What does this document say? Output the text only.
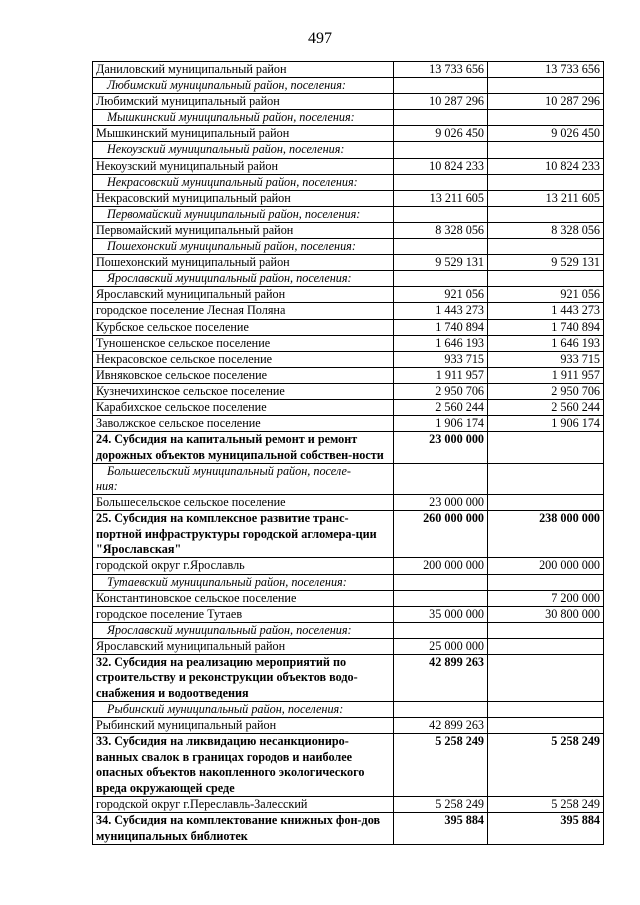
497
Даниловский муниципальный район	13 733 656	13 733 656
Любимский муниципальный район, поселения:		
Любимский муниципальный район	10 287 296	10 287 296
Мышкинский муниципальный район, поселения:		
Мышкинский муниципальный район	9 026 450	9 026 450
Некоузский муниципальный район, поселения:		
Некоузский муниципальный район	10 824 233	10 824 233
Некрасовский муниципальный район, поселения:		
Некрасовский муниципальный район	13 211 605	13 211 605
Первомайский муниципальный район, поселения:		
Первомайский муниципальный район	8 328 056	8 328 056
Пошехонский муниципальный район, поселения:		
Пошехонский муниципальный район	9 529 131	9 529 131
Ярославский муниципальный район, поселения:		
Ярославский муниципальный район	921 056	921 056
городское поселение Лесная Поляна	1 443 273	1 443 273
Курбское сельское поселение	1 740 894	1 740 894
Туношенское сельское поселение	1 646 193	1 646 193
Некрасовское сельское поселение	933 715	933 715
Ивняковское сельское поселение	1 911 957	1 911 957
Кузнечихинское сельское поселение	2 950 706	2 950 706
Карабихское сельское поселение	2 560 244	2 560 244
Заволжское сельское поселение	1 906 174	1 906 174
24. Субсидия на капитальный ремонт и ремонт дорожных объектов муниципальной собствен-ности	23 000 000	
Большесельский муниципальный район, поселе-
ния:		
Большесельское сельское поселение	23 000 000	
25. Субсидия на комплексное развитие транс-портной инфраструктуры городской агломера-ции "Ярославская"	260 000 000	238 000 000
городской округ г.Ярославль	200 000 000	200 000 000
Тутаевский муниципальный район, поселения:		
Константиновское сельское поселение		7 200 000
городское поселение Тутаев	35 000 000	30 800 000
Ярославский муниципальный район, поселения:		
Ярославский муниципальный район	25 000 000	
32. Субсидия на реализацию мероприятий по строительству и реконструкции объектов водо-снабжения и водоотведения	42 899 263	
Рыбинский муниципальный район, поселения:		
Рыбинский муниципальный район	42 899 263	
33. Субсидия на ликвидацию несанкциониро-ванных свалок в границах городов и наиболее опасных объектов накопленного экологического вреда окружающей среде	5 258 249	5 258 249
городской округ г.Переславль-Залесский	5 258 249	5 258 249
34. Субсидия на комплектование книжных фон-дов муниципальных библиотек	395 884	395 884
